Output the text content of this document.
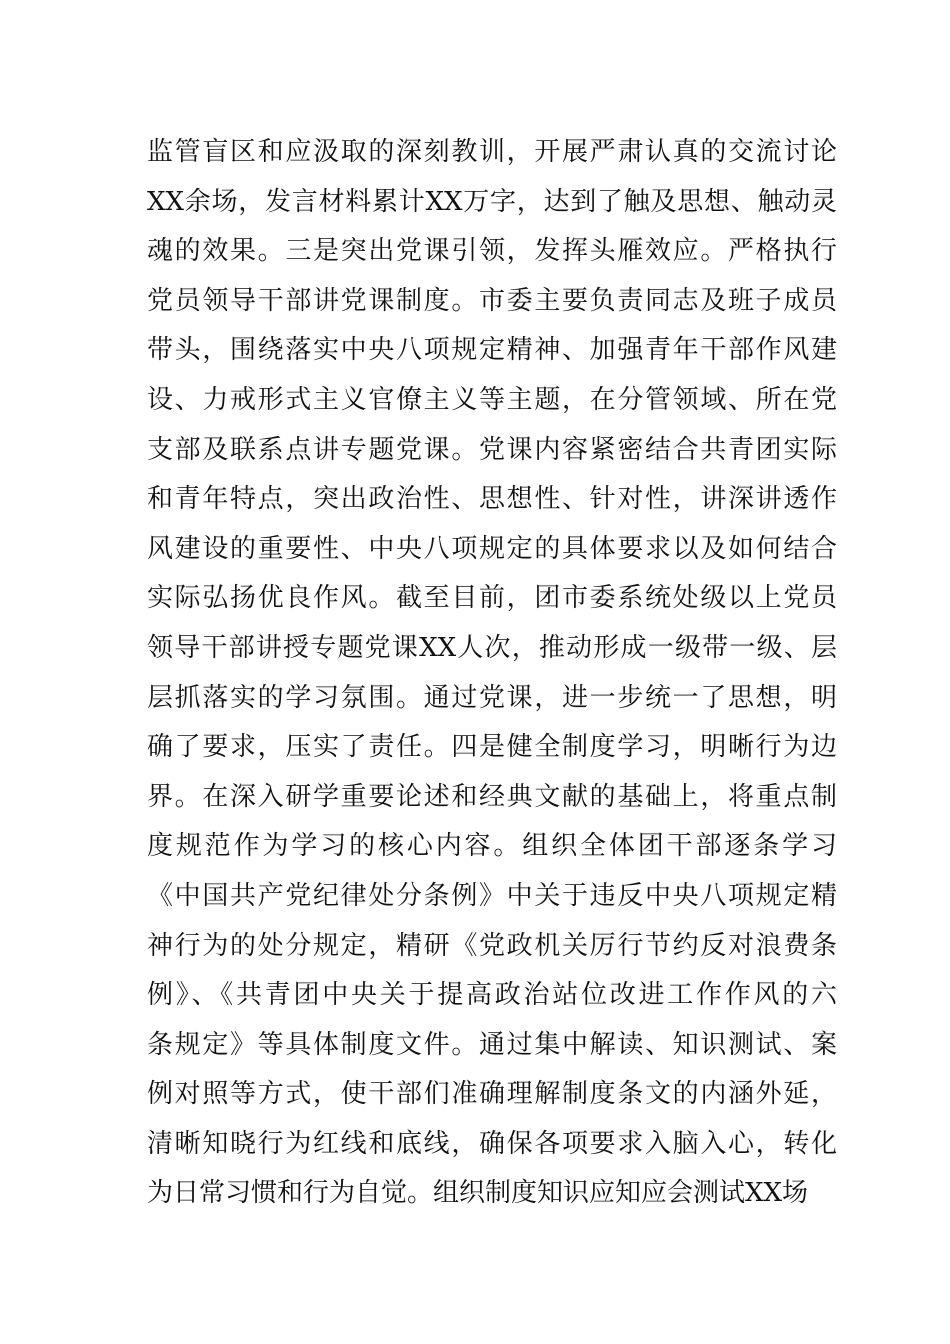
监管盲区和应汲取的深刻教训，开展严肃认真的交流讨论
XX余场，发言材料累计XX万字，达到了触及思想、触动灵
魂的效果。三是突出党课引领，发挥头雁效应。严格执行
党员领导干部讲党课制度。市委主要负责同志及班子成员
带头，围绕落实中央八项规定精神、加强青年干部作风建
设、力戒形式主义官僚主义等主题，在分管领域、所在党
支部及联系点讲专题党课。党课内容紧密结合共青团实际
和青年特点，突出政治性、思想性、针对性，讲深讲透作
风建设的重要性、中央八项规定的具体要求以及如何结合
实际弘扬优良作风。截至目前，团市委系统处级以上党员
领导干部讲授专题党课XX人次，推动形成一级带一级、层
层抓落实的学习氛围。通过党课，进一步统一了思想，明
确了要求，压实了责任。四是健全制度学习，明晰行为边
界。在深入研学重要论述和经典文献的基础上，将重点制
度规范作为学习的核心内容。组织全体团干部逐条学习
《中国共产党纪律处分条例》中关于违反中央八项规定精
神行为的处分规定，精研《党政机关厉行节约反对浪费条
例》、《共青团中央关于提高政治站位改进工作作风的六
条规定》等具体制度文件。通过集中解读、知识测试、案
例对照等方式，使干部们准确理解制度条文的内涵外延，
清晰知晓行为红线和底线，确保各项要求入脑入心，转化
为日常习惯和行为自觉。组织制度知识应知应会测试XX场
